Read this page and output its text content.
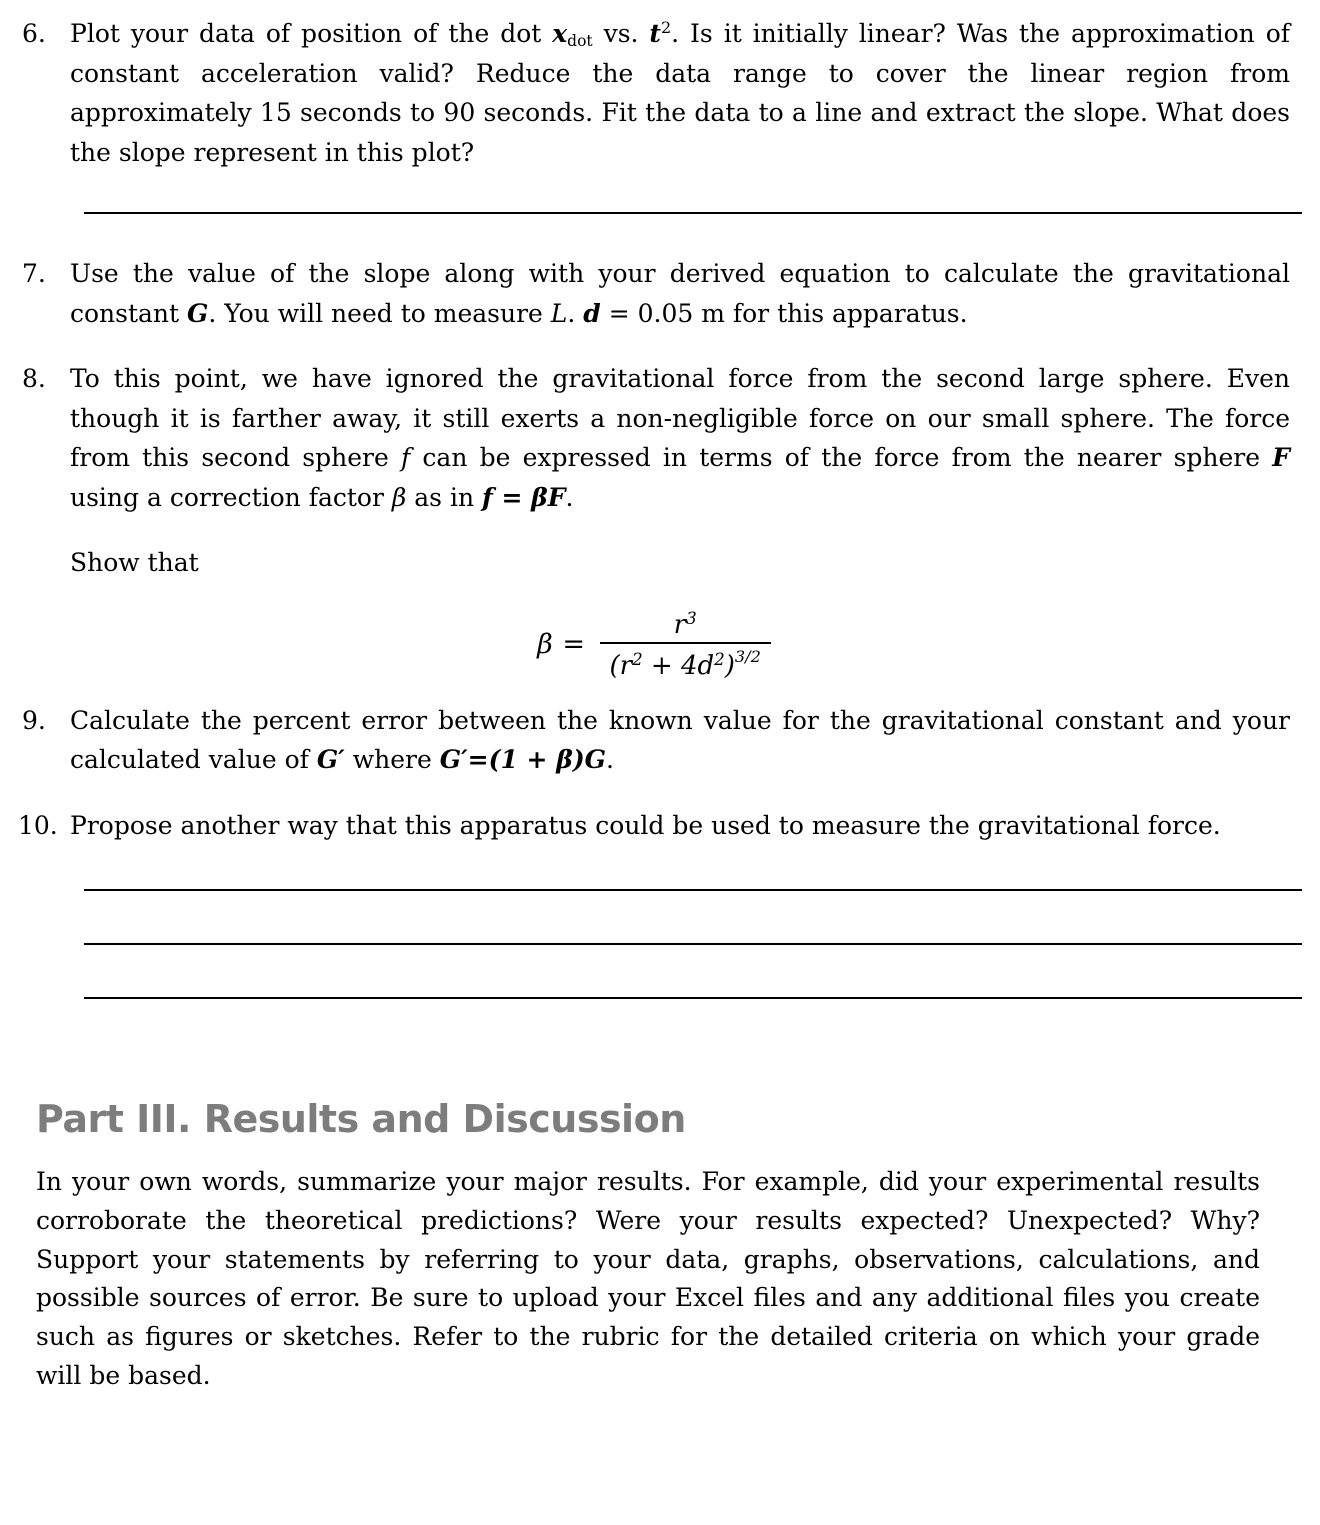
6. Plot your data of position of the dot $x_{dot}$ vs. $t^2$. Is it initially linear? Was the approximation of constant acceleration valid? Reduce the data range to cover the linear region from approximately 15 seconds to 90 seconds. Fit the data to a line and extract the slope. What does the slope represent in this plot?
7. Use the value of the slope along with your derived equation to calculate the gravitational constant G. You will need to measure L. d = 0.05 m for this apparatus.
8. To this point, we have ignored the gravitational force from the second large sphere. Even though it is farther away, it still exerts a non-negligible force on our small sphere. The force from this second sphere f can be expressed in terms of the force from the nearer sphere F using a correction factor β as in f = βF.
Show that
$\beta = \frac{r^3}{(r^2 + 4d^2)^{3/2}}$
9. Calculate the percent error between the known value for the gravitational constant and your calculated value of G′ where G′=(1 + β)G.
10. Propose another way that this apparatus could be used to measure the gravitational force.
Part III. Results and Discussion
In your own words, summarize your major results. For example, did your experimental results corroborate the theoretical predictions? Were your results expected? Unexpected? Why? Support your statements by referring to your data, graphs, observations, calculations, and possible sources of error. Be sure to upload your Excel files and any additional files you create such as figures or sketches. Refer to the rubric for the detailed criteria on which your grade will be based.
